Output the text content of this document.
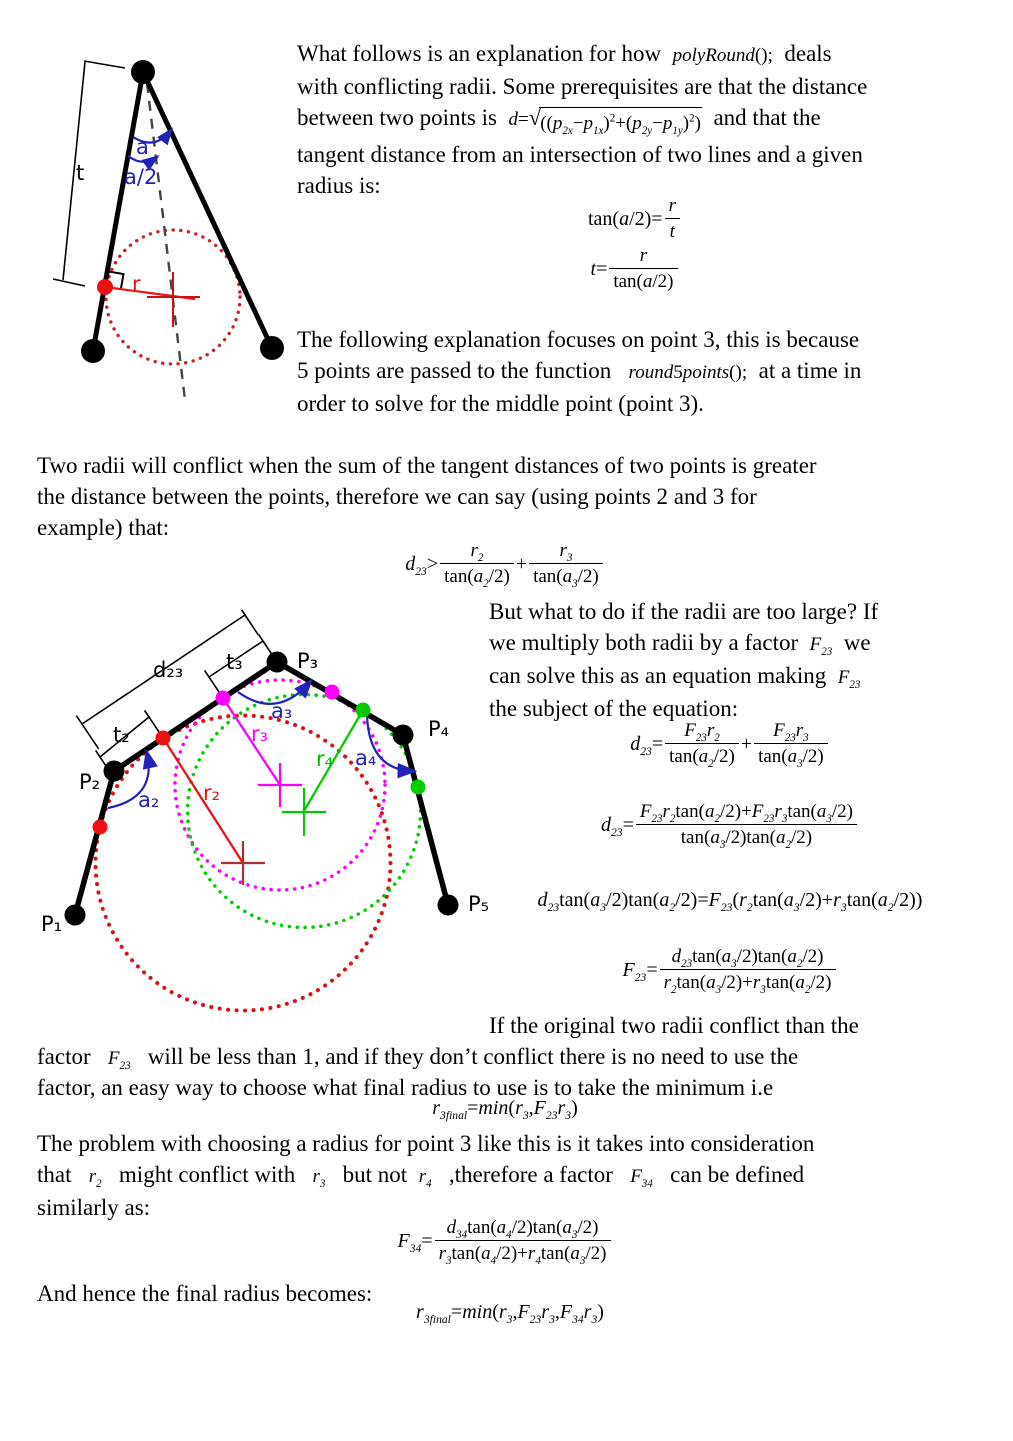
t
a
a/2
r
What follows is an explanation for how  polyRound();  deals
with conflicting radii. Some prerequisites are that the distance
between two points is  d= √ $((p_{2x}-p_{1x})^2+(p_{2y}-p_{1y})^2)$ and that the
tangent distance from an intersection of two lines and a given
radius is:
tan( a $/2)= \frac{r}{t}$
$t = \frac{r}{\tan(a/2)}$
The following explanation focuses on point 3, this is because
5 points are passed to the function   round5points();  at a time in
order to solve for the middle point (point 3).
Two radii will conflict when the sum of the tangent distances of two points is greater
the distance between the points, therefore we can say (using points 2 and 3 for
example) that:
$d_{23} > \frac{r_2}{\tan(a_2/2)} + \frac{r_3}{\tan(a_3/2)}$
But what to do if the radii are too large? If
we multiply both radii by a factor  $F_{23}$  we
can solve this as an equation making  $F_{23}$
the subject of the equation:
$d_{23} = \frac{F_{23}r_2}{\tan(a_2/2)} + \frac{F_{23}r_3}{\tan(a_3/2)}$
$d_{23} = \frac{F_{23}r_2\tan(a_2/2)+F_{23}r_3\tan(a_3/2)}{\tan(a_3/2)\tan(a_2/2)}$
$d_{23}$ tan( $a_3$ /2)tan( $a_2$ $/2)= F_{23}$ ( $r_2$ tan( $a_3$ $/2)+ r_3$ tan( $a_2$ /2))
$F_{23} = \frac{d_{23}\tan(a_3/2)\tan(a_2/2)}{r_2\tan(a_3/2)+r_3\tan(a_2/2)}$
If the original two radii conflict than the
factor   $F_{23}$   will be less than 1, and if they don’t conflict there is no need to use the
factor, an easy way to choose what final radius to use is to take the minimum i.e
$r_{3final} = \min$ ( $r_3$ , $F_{23}$ $r_3$ )
The problem with choosing a radius for point 3 like this is it takes into consideration
that   $r_2$   might conflict with   $r_3$   but not  $r_4$   ,therefore a factor   $F_{34}$   can be defined
similarly as:
$F_{34} = \frac{d_{34}\tan(a_4/2)\tan(a_3/2)}{r_3\tan(a_4/2)+r_4\tan(a_3/2)}$
And hence the final radius becomes:
$r_{3final} = \min$ ( $r_3$ , $F_{23}$ $r_3$ , $F_{34}$ $r_3$ )
P₁
P₂
P₃
P₄
P₅
d₂₃
t₂
t₃
a₂
a₃
a₄
r₂
r₃
r₄
